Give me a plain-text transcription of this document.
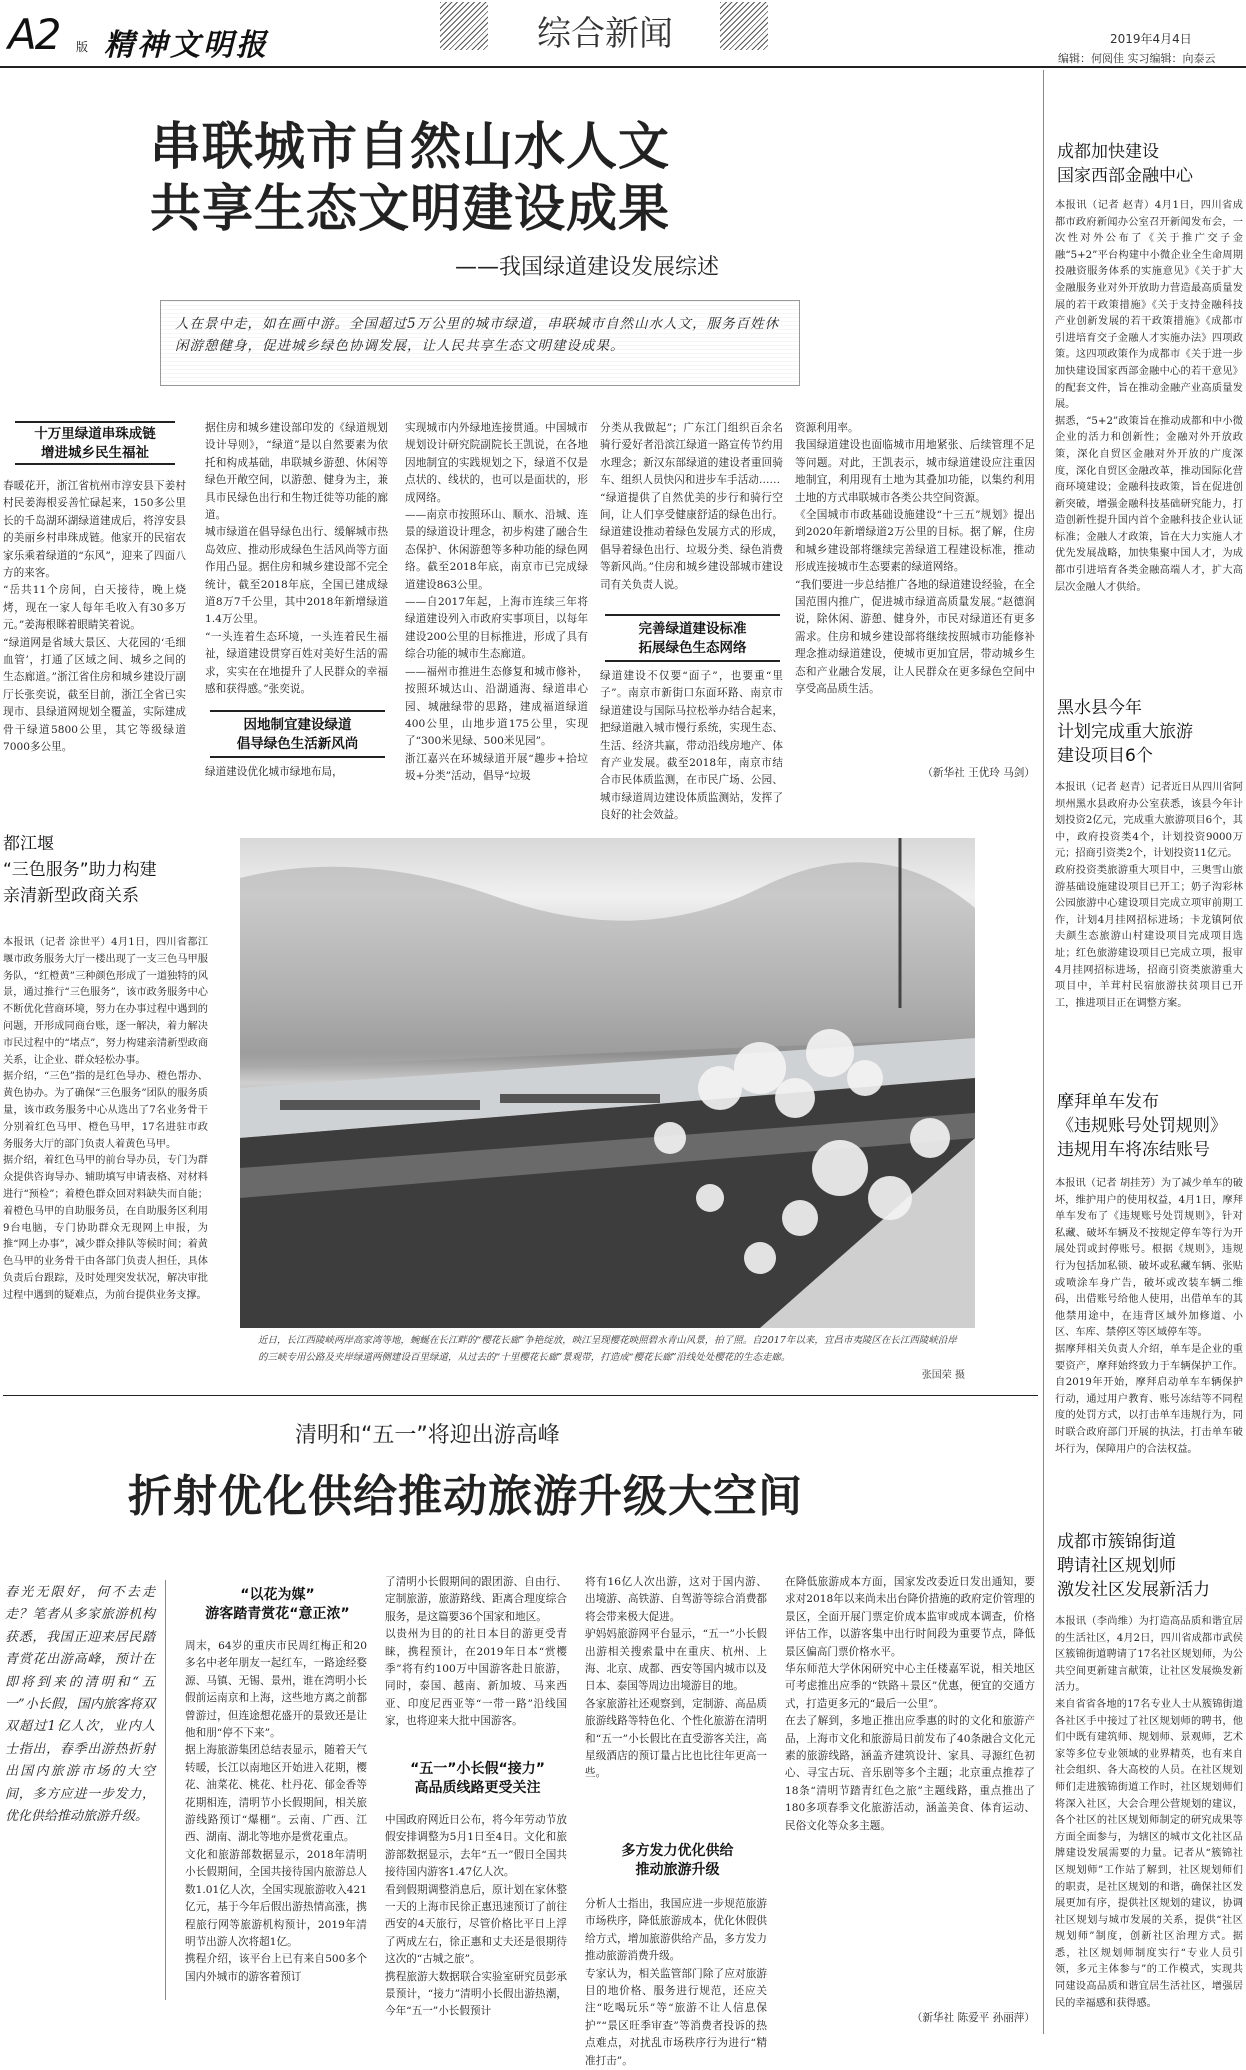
A2 版 精神文明报	综合新闻	2019年4月4日
编辑：何阅佳 实习编辑：向泰云
串联城市自然山水人文
共享生态文明建设成果
——我国绿道建设发展综述
人在景中走，如在画中游。全国超过5万公里的城市绿道，串联城市自然山水人文，服务百姓休闲游憩健身，促进城乡绿色协调发展，让人民共享生态文明建设成果。
十万里绿道串珠成链
增进城乡民生福祉
春暖花开，浙江省杭州市淳安县下姜村村民姜海根妥善忙碌起来，150多公里长的千岛湖环湖绿道建成后，将淳安县的美丽乡村串珠成链。他家开的民宿农家乐乘着绿道的“东风”，迎来了四面八方的来客。
“岳共11个房间，白天接待，晚上烧烤，现在一家人每年毛收入有30多万元。”姜海根眯着眼睛笑着说。
“绿道网是省域大景区、大花园的‘毛细血管’，打通了区域之间、城乡之间的生态廊道。”浙江省住房和城乡建设厅副厅长张奕说，截至目前，浙江全省已实现市、县绿道网规划全覆盖，实际建成骨干绿道5800公里，其它等级绿道7000多公里。
据住房和城乡建设部印发的《绿道规划设计导则》，“绿道”是以自然要素为依托和构成基础，串联城乡游憩、休闲等绿色开敞空间，以游憩、健身为主，兼具市民绿色出行和生物迁徙等功能的廊道。
城市绿道在倡导绿色出行、缓解城市热岛效应、推动形成绿色生活风尚等方面作用凸显。据住房和城乡建设部不完全统计，截至2018年底，全国已建成绿道8万7千公里，其中2018年新增绿道1.4万公里。
“一头连着生态环境，一头连着民生福祉，绿道建设贯穿百姓对美好生活的需求，实实在在地提升了人民群众的幸福感和获得感。”张奕说。
因地制宜建设绿道
倡导绿色生活新风尚
绿道建设优化城市绿地布局，
实现城市内外绿地连接贯通。中国城市规划设计研究院副院长王凯说，在各地因地制宜的实践规划之下，绿道不仅是点状的、线状的，也可以是面状的，形成网络。
——南京市按照环山、顺水、沿城、连景的绿道设计理念，初步构建了融合生态保护、休闲游憩等多种功能的绿色网络。截至2018年底，南京市已完成绿道建设863公里。
——自2017年起，上海市连续三年将绿道建设列入市政府实事项目，以每年建设200公里的目标推进，形成了具有综合功能的城市生态廊道。
——福州市推进生态修复和城市修补，按照环城达山、沿湖通海、绿道串心园、城融绿带的思路，建成福道绿道400公里，山地步道175公里，实现了“300米见绿、500米见园”。
浙江嘉兴在环城绿道开展“趣步+拾垃圾+分类”活动，倡导“垃圾
分类从我做起”；广东江门组织百余名骑行爱好者沿滨江绿道一路宣传节约用水理念；新汉东部绿道的建设者重回骑车、组织人员快闪和进步车手活动……
“绿道提供了自然优美的步行和骑行空间，让人们享受健康舒适的绿色出行。绿道建设推动着绿色发展方式的形成，倡导着绿色出行、垃圾分类、绿色消费等新风尚。”住房和城乡建设部城市建设司有关负责人说。
完善绿道建设标准
拓展绿色生态网络
绿道建设不仅要“面子”，也要重“里子”。南京市新街口东面环路、南京市绿道建设与国际马拉松举办结合起来，把绿道融入城市慢行系统，实现生态、生活、经济共赢，带动沿线房地产、体育产业发展。截至2018年，南京市结合市民体质监测，在市民广场、公园、城市绿道周边建设体质监测站，发挥了良好的社会效益。
资源利用率。
我国绿道建设也面临城市用地紧张、后续管理不足等问题。对此，王凯表示，城市绿道建设应注重因地制宜，利用现有土地为其叠加功能，以集约利用土地的方式串联城市各类公共空间资源。
《全国城市市政基础设施建设“十三五”规划》提出到2020年新增绿道2万公里的目标。据了解，住房和城乡建设部将继续完善绿道工程建设标准，推动形成连接城市生态要素的绿道网络。
“我们要进一步总结推广各地的绿道建设经验，在全国范围内推广，促进城市绿道高质量发展。”赵德润说，除休闲、游憩、健身外，市民对绿道还有更多需求。住房和城乡建设部将继续按照城市功能修补理念推动绿道建设，使城市更加宜居，带动城乡生态和产业融合发展，让人民群众在更多绿色空间中享受高品质生活。
（新华社 王优玲 马剑）
近日，长江西陵峡两岸高家湾等地，蜿蜒在长江畔的“樱花长廊”争艳绽放，映江呈现樱花映照碧水青山风景，拍了照。自2017年以来，宜昌市夷陵区在长江西陵峡沿岸的三峡专用公路及夹岸绿道两侧建设百里绿道，从过去的“十里樱花长廊”景观带，打造成“樱花长廊”沿线处处樱花的生态走廊。
张国荣 摄
都江堰
“三色服务”助力构建
亲清新型政商关系
本报讯（记者 涂世平）4月1日，四川省都江堰市政务服务大厅一楼出现了一支三色马甲服务队，“红橙黄”三种颜色形成了一道独特的风景，通过推行“三色服务”，该市政务服务中心不断优化营商环境，努力在办事过程中遇到的问题，开形成同商台账，逐一解决，着力解决市民过程中的“堵点”，努力构建亲清新型政商关系，让企业、群众轻松办事。
据介绍，“三色”指的是红色导办、橙色帮办、黄色协办。为了确保“三色服务”团队的服务质量，该市政务服务中心从选出了7名业务骨干分别着红色马甲、橙色马甲，17名进驻市政务服务大厅的部门负责人着黄色马甲。
据介绍，着红色马甲的前台导办员，专门为群众提供咨询导办、辅助填写申请表格、对材料进行“预检”；着橙色群众回对料缺失而自能；着橙色马甲的自助服务员，在自助服务区利用9台电脑，专门协助群众无现网上申报，为推“网上办事”，减少群众排队等候时间；着黄色马甲的业务骨干由各部门负责人担任，具体负责后台跟踪，及时处理突发状况，解决审批过程中遇到的疑难点，为前台提供业务支撑。
清明和“五一”将迎出游高峰
折射优化供给推动旅游升级大空间
春光无限好，何不去走走？笔者从多家旅游机构获悉，我国正迎来居民踏青赏花出游高峰，预计在即将到来的清明和“五一”小长假，国内旅客将双双超过1亿人次，业内人士指出，春季出游热折射出国内旅游市场的大空间，多方应进一步发力，优化供给推动旅游升级。
“以花为媒”
游客踏青赏花“意正浓”
周末，64岁的重庆市民周红梅正和20多名中老年朋友一起红车，一路途经婺源、马镇、无锡、景州，谁在湾明小长假前运南京和上海，这些地方离之前都曾游过，但连途想花盛开的景致还是让他和朋“停不下来”。
据上海旅游集团总结表显示，随着天气转暖，长江以南地区开始进入花期，樱花、油菜花、桃花、杜丹花、郁金香等花期相连，清明节小长假期间，相关旅游线路预订“爆棚”。云南、广西、江西、湖南、湖北等地亦是赏花重点。
文化和旅游部数据显示，2018年清明小长假期间，全国共接待国内旅游总人数1.01亿人次，全国实现旅游收入421亿元，基于今年后假出游热情高涨，携程旅行网等旅游机构预计，2019年清明节出游人次将超1亿。
携程介绍，该平台上已有来自500多个国内外城市的游客着预订
了清明小长假期间的跟团游、自由行、定制旅游，旅游路线、距离合理度综合服务，是这篇要36个国家和地区。
以贵州为目的的社日本目的游更受青睐，携程预计，在2019年日本“赏樱季”将有约100万中国游客赴日旅游，同时，泰国、越南、新加坡、马来西亚、印度尼西亚等“一带一路”沿线国家，也将迎来大批中国游客。
“五一”小长假“接力”
高品质线路更受关注
中国政府网近日公布，将今年劳动节放假安排调整为5月1日至4日。文化和旅游部数据显示，去年“五一”假日全国共接待国内游客1.47亿人次。
看到假期调整消息后，原计划在家休整一天的上海市民徐正惠迅速预订了前往西安的4天旅行，尽管价格比平日上浮了两成左右，徐正惠和丈夫还是很期待这次的“古城之旅”。
携程旅游大数据联合实验室研究员彭承景预计，“接力”清明小长假出游热潮，今年“五一”小长假预计
将有16亿人次出游，这对于国内游、出境游、高铁游、自驾游等综合消费都将会带来极大促进。
驴妈妈旅游网平台显示，“五一”小长假出游相关搜索量中在重庆、杭州、上海、北京、成都、西安等国内城市以及日本、泰国等周边出境游目的地。
各家旅游社还观察到，定制游、高品质旅游线路等特色化、个性化旅游在清明和“五一”小长假比在直受游客关注，高星级酒店的预订量占比也比往年更高一些。
多方发力优化供给
推动旅游升级
分析人士指出，我国应进一步规范旅游市场秩序，降低旅游成本，优化休假供给方式，增加旅游供给产品，多方发力推动旅游消费升级。
专家认为，相关监管部门除了应对旅游目的地价格、服务进行规范，还应关注“吃喝玩乐”等“旅游不让人信息保护”“景区旺季审查”等消费者投诉的热点难点，对扰乱市场秩序行为进行“精准打击”。
在降低旅游成本方面，国家发改委近日发出通知，要求对2018年以来尚未出台降价措施的政府定价管理的景区，全面开展门票定价成本监审或成本调查，价格评估工作，以游客集中出行时间段为重要节点，降低景区偏高门票价格水平。
华东师范大学休闲研究中心主任楼嘉军说，相关地区可考虑推出应季的“铁路＋景区”优惠，便宜的交通方式，打造更多元的“最后一公里”。
在去了解到，多地正推出应季惠的时的文化和旅游产品，上海市文化和旅游局日前发布了40条融合文化元素的旅游线路，涵盖齐建筑设计、家具、寻源红色初心、寻宝古玩、音乐剧等多个主题；北京重点推荐了18条“清明节踏青红色之旅”主题线路，重点推出了180多项春季文化旅游活动，涵盖美食、体育运动、民俗文化等众多主题。
（新华社 陈爱平 孙丽萍）
成都加快建设
国家西部金融中心
本报讯（记者 赵青）4月1日，四川省成都市政府新闻办公室召开新闻发布会，一次性对外公布了《关于推广交子金融“5+2”平台构建中小微企业全生命周期投融资服务体系的实施意见》《关于扩大金融服务业对外开放助力营造最高质量发展的若干政策措施》《关于支持金融科技产业创新发展的若干政策措施》《成都市引进培育交子金融人才实施办法》四项政策。这四项政策作为成都市《关于进一步加快建设国家西部金融中心的若干意见》的配套文件，旨在推动金融产业高质量发展。
据悉，“5+2”政策旨在推动成都和中小微企业的活力和创新性；金融对外开放政策，深化自贸区金融对外开放的广度深度，深化自贸区金融改革，推动国际化营商环境建设；金融科技政策，旨在促进创新突破，增强金融科技基础研究能力，打造创新性提升国内首个金融科技企业认证标准；金融人才政策，旨在大力实施人才优先发展战略，加快集聚中国人才，为成都市引进培育各类金融高端人才，扩大高层次金融人才供给。
黑水县今年
计划完成重大旅游
建设项目6个
本报讯（记者 赵青）记者近日从四川省阿坝州黑水县政府办公室获悉，该县今年计划投资2亿元，完成重大旅游项目6个，其中，政府投资类4个，计划投资9000万元；招商引资类2个，计划投资11亿元。
政府投资类旅游重大项目中，三奥雪山旅游基础设施建设项目已开工；奶子沟彩林公园旅游中心建设项目完成立项审前期工作，计划4月挂网招标进场；卡龙镇阿依夫颜生态旅游山村建设项目完成项目选址；红色旅游建设项目已完成立项，报审4月挂网招标进场，招商引资类旅游重大项目中，羊茸村民宿旅游扶贫项目已开工，推进项目正在调整方案。
摩拜单车发布
《违规账号处罚规则》
违规用车将冻结账号
本报讯（记者 胡挂芳）为了减少单车的破坏，维护用户的使用权益，4月1日，摩拜单车发布了《违规账号处罚规则》，针对私藏、破坏车辆及不按规定停车等行为开展处罚或封停账号。根据《规则》，违规行为包括加私锁、破坏或私藏车辆、张贴或喷涂车身广告，破坏或改装车辆二维码，出借账号给他人使用，出借单车的其他禁用途中，在违背区域外加修道、小区、车库、禁停区等区域停车等。
据摩拜相关负责人介绍，单车是企业的重要资产，摩拜始终致力于车辆保护工作。自2019年开始，摩拜启动单车车辆保护行动，通过用户教育、账号冻结等不同程度的处罚方式，以打击单车违规行为，同时联合政府部门开展的执法，打击单车破坏行为，保障用户的合法权益。
成都市簇锦街道
聘请社区规划师
激发社区发展新活力
本报讯（李尚维）为打造高品质和谐宜居的生活社区，4月2日，四川省成都市武侯区簇锦街道聘请了17名社区规划师，为公共空间更新建言献策，让社区发展焕发新活力。
来自省省各地的17名专业人士从簇锦街道各社区手中接过了社区规划师的聘书，他们中既有建筑师、规划师、景观师，艺术家等多位专业领域的业界精英，也有来自社会组织、各大高校的人员。在社区规划师们走进簇锦街道工作时，社区规划师们将深入社区，大会合理公营规划的建议，各个社区的社区规划师制定的研究成果等方面全面参与，为辖区的城市文化社区品牌建设发展需要的力量。记者从“簇锦社区规划师”工作站了解到，社区规划师们的职责，是社区规划的和谐，确保社区发展更加有序，提供社区规划的建议，协调社区规划与城市发展的关系，提供“社区规划师”制度，创新社区治理方式。据悉，社区规划师制度实行“专业人员引领，多元主体参与”的工作模式，实现共同建设高品质和谐宜居生活社区，增强居民的幸福感和获得感。
